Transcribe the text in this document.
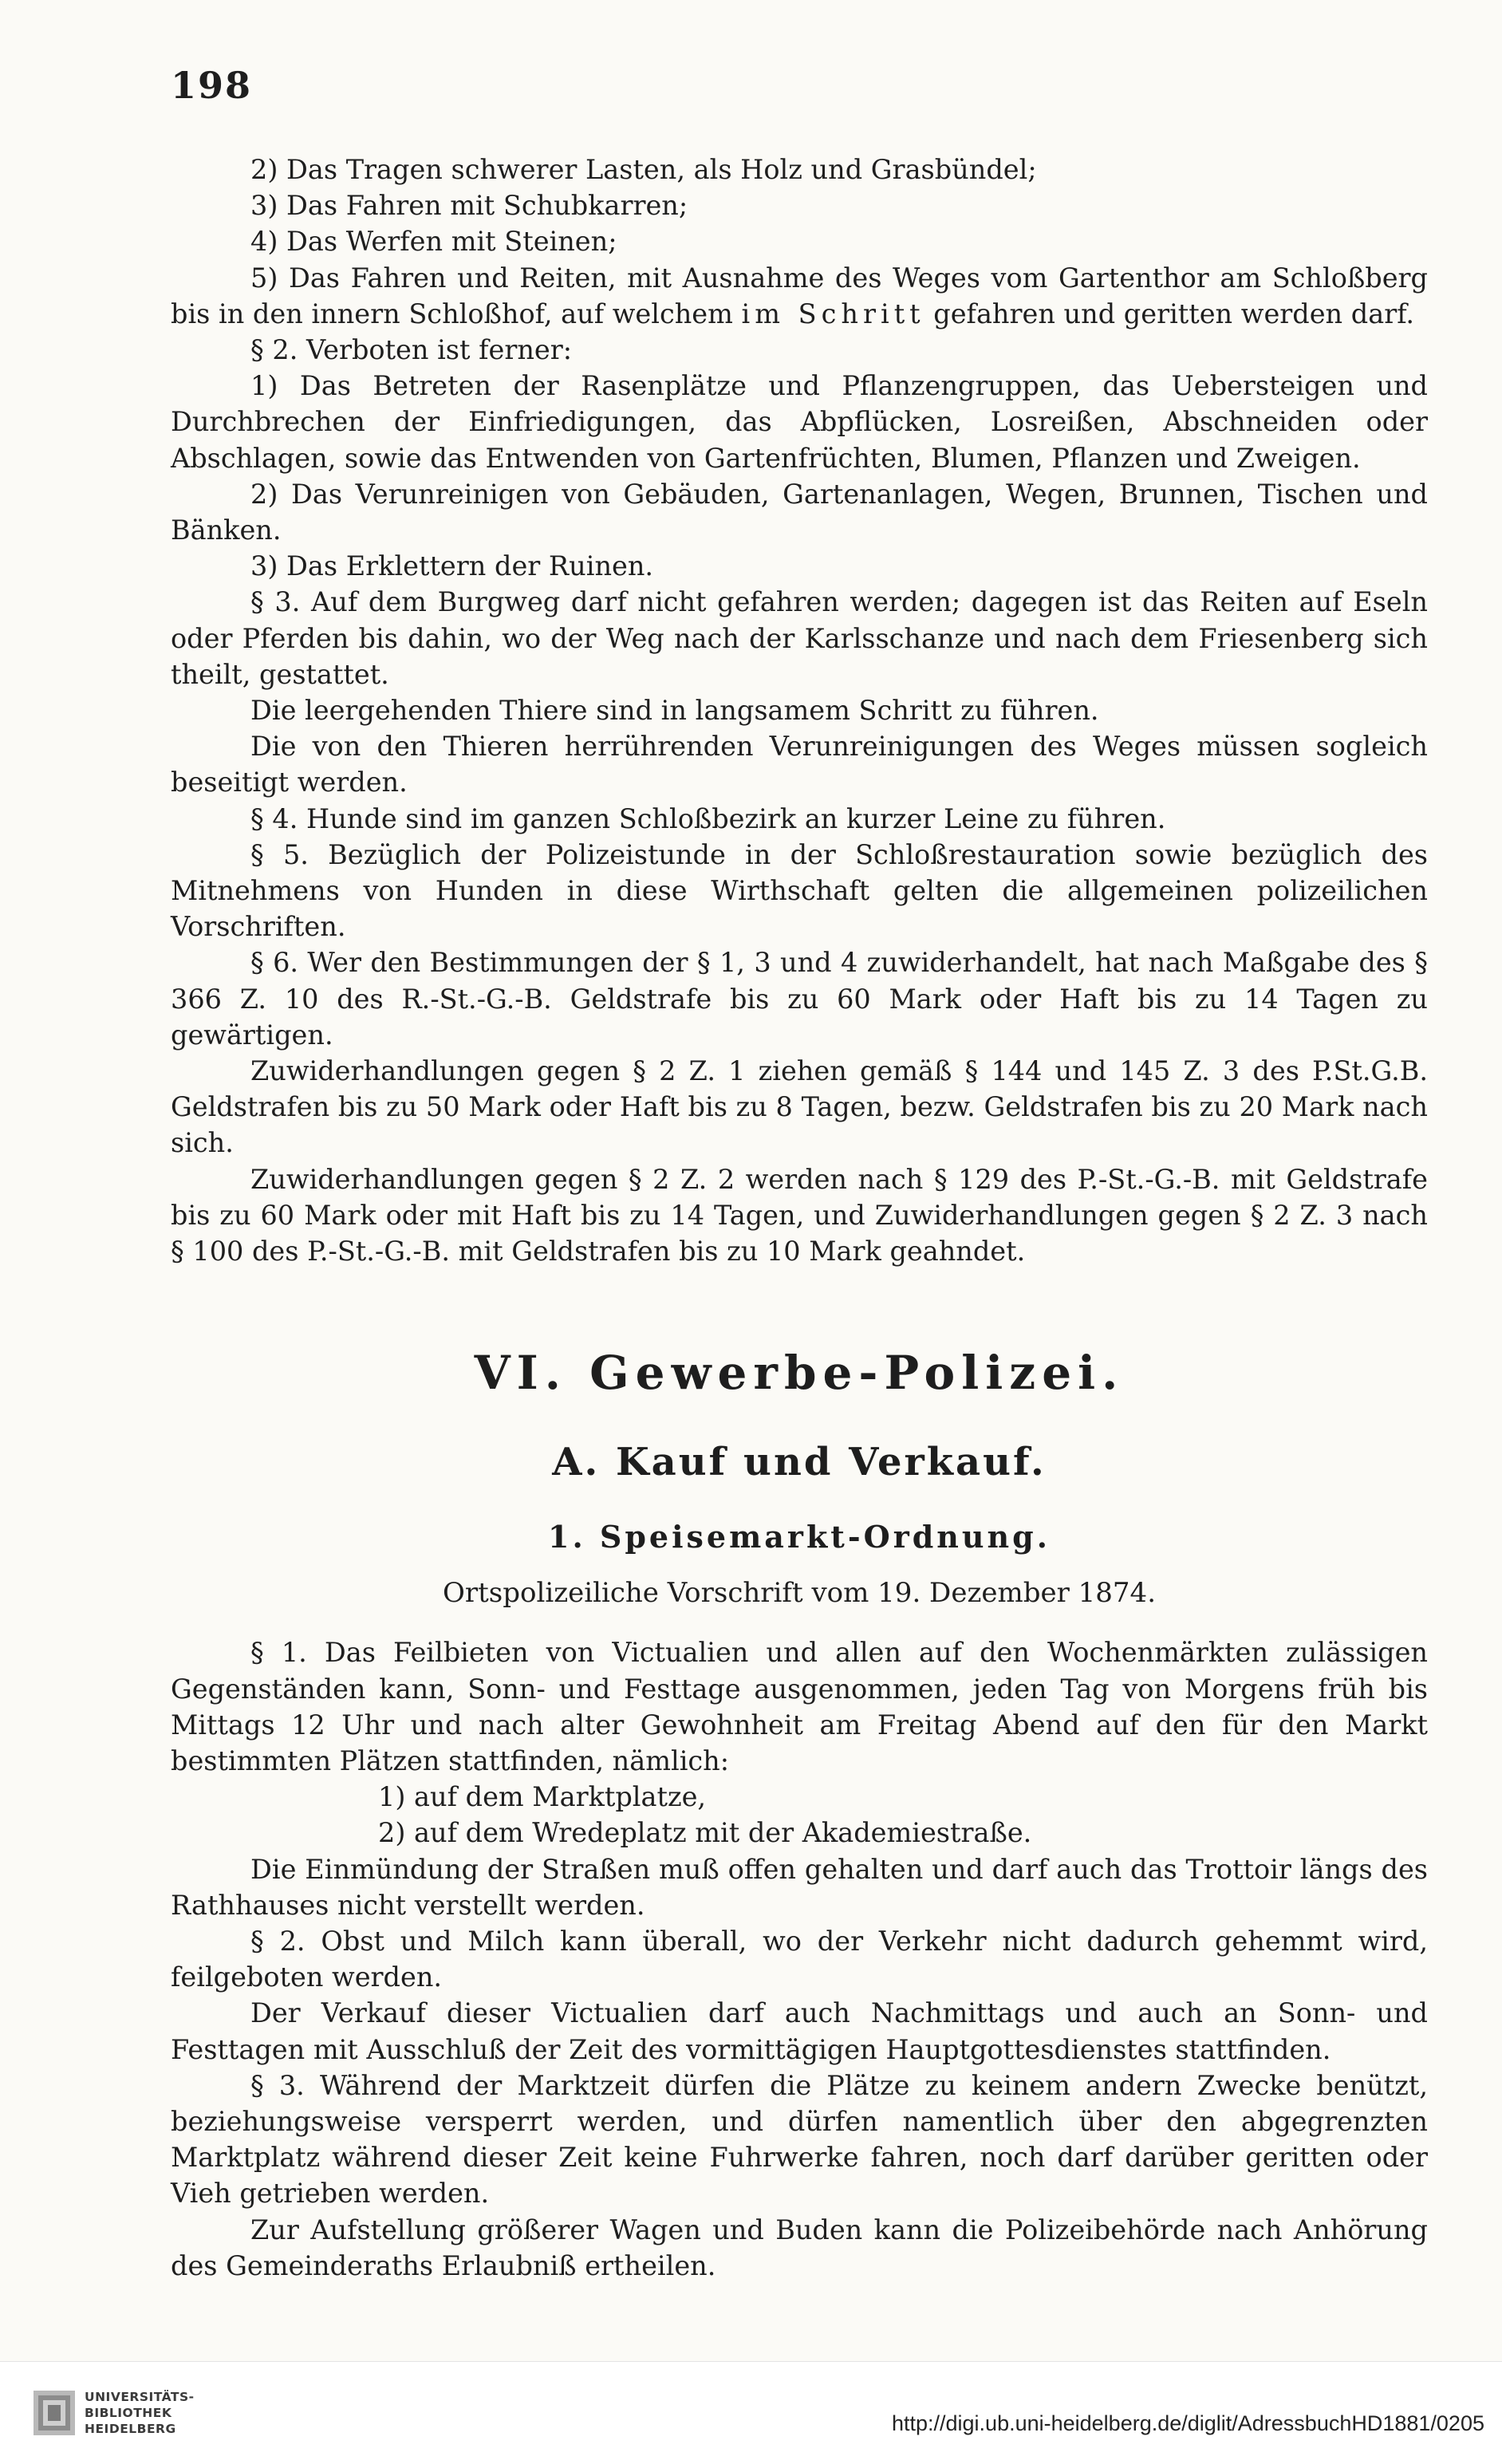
198

2) Das Tragen schwerer Lasten, als Holz und Grasbündel;

3) Das Fahren mit Schubkarren;

4) Das Werfen mit Steinen;

5) Das Fahren und Reiten, mit Ausnahme des Weges vom Gartenthor am Schloßberg bis in den innern Schloßhof, auf welchem im Schritt gefahren und geritten werden darf.

§ 2. Verboten ist ferner:

1) Das Betreten der Rasenplätze und Pflanzengruppen, das Uebersteigen und Durchbrechen der Einfriedigungen, das Abpflücken, Losreißen, Abschneiden oder Abschlagen, sowie das Entwenden von Gartenfrüchten, Blumen, Pflanzen und Zweigen.

2) Das Verunreinigen von Gebäuden, Gartenanlagen, Wegen, Brunnen, Tischen und Bänken.

3) Das Erklettern der Ruinen.

§ 3. Auf dem Burgweg darf nicht gefahren werden; dagegen ist das Reiten auf Eseln oder Pferden bis dahin, wo der Weg nach der Karlsschanze und nach dem Friesenberg sich theilt, gestattet.

Die leergehenden Thiere sind in langsamem Schritt zu führen.

Die von den Thieren herrührenden Verunreinigungen des Weges müssen sogleich beseitigt werden.

§ 4. Hunde sind im ganzen Schloßbezirk an kurzer Leine zu führen.

§ 5. Bezüglich der Polizeistunde in der Schloßrestauration sowie bezüglich des Mitnehmens von Hunden in diese Wirthschaft gelten die allgemeinen polizeilichen Vorschriften.

§ 6. Wer den Bestimmungen der § 1, 3 und 4 zuwiderhandelt, hat nach Maßgabe des § 366 Z. 10 des R.-St.-G.-B. Geldstrafe bis zu 60 Mark oder Haft bis zu 14 Tagen zu gewärtigen.

Zuwiderhandlungen gegen § 2 Z. 1 ziehen gemäß § 144 und 145 Z. 3 des P.St.G.B. Geldstrafen bis zu 50 Mark oder Haft bis zu 8 Tagen, bezw. Geldstrafen bis zu 20 Mark nach sich.

Zuwiderhandlungen gegen § 2 Z. 2 werden nach § 129 des P.-St.-G.-B. mit Geldstrafe bis zu 60 Mark oder mit Haft bis zu 14 Tagen, und Zuwiderhandlungen gegen § 2 Z. 3 nach § 100 des P.-St.-G.-B. mit Geldstrafen bis zu 10 Mark geahndet.

VI. Gewerbe-Polizei.
A. Kauf und Verkauf.
1. Speisemarkt-Ordnung.
Ortspolizeiliche Vorschrift vom 19. Dezember 1874.

§ 1. Das Feilbieten von Victualien und allen auf den Wochenmärkten zulässigen Gegenständen kann, Sonn- und Festtage ausgenommen, jeden Tag von Morgens früh bis Mittags 12 Uhr und nach alter Gewohnheit am Freitag Abend auf den für den Markt bestimmten Plätzen stattfinden, nämlich:

1) auf dem Marktplatze,

2) auf dem Wredeplatz mit der Akademiestraße.

Die Einmündung der Straßen muß offen gehalten und darf auch das Trottoir längs des Rathhauses nicht verstellt werden.

§ 2. Obst und Milch kann überall, wo der Verkehr nicht dadurch gehemmt wird, feilgeboten werden.

Der Verkauf dieser Victualien darf auch Nachmittags und auch an Sonn- und Festtagen mit Ausschluß der Zeit des vormittägigen Hauptgottesdienstes stattfinden.

§ 3. Während der Marktzeit dürfen die Plätze zu keinem andern Zwecke benützt, beziehungsweise versperrt werden, und dürfen namentlich über den abgegrenzten Marktplatz während dieser Zeit keine Fuhrwerke fahren, noch darf darüber geritten oder Vieh getrieben werden.

Zur Aufstellung größerer Wagen und Buden kann die Polizeibehörde nach Anhörung des Gemeinderaths Erlaubniß ertheilen.

UNIVERSITÄTS-
BIBLIOTHEK
HEIDELBERG	http://digi.ub.uni-heidelberg.de/diglit/AdressbuchHD1881/0205
